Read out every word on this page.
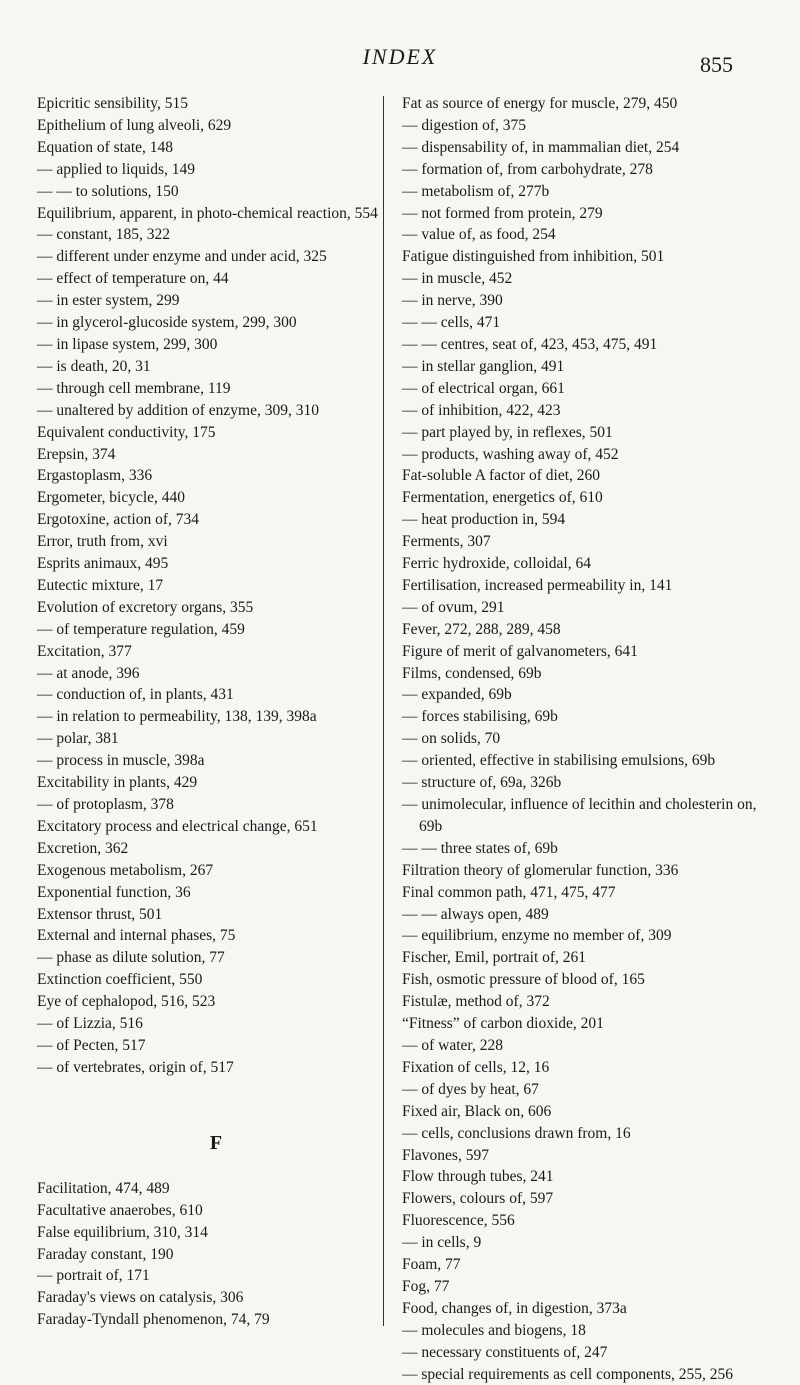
INDEX	855
Epicritic sensibility, 515
Epithelium of lung alveoli, 629
Equation of state, 148
— applied to liquids, 149
— — to solutions, 150
Equilibrium, apparent, in photo-chemical reaction, 554
— constant, 185, 322
— different under enzyme and under acid, 325
— effect of temperature on, 44
— in ester system, 299
— in glycerol-glucoside system, 299, 300
— in lipase system, 299, 300
— is death, 20, 31
— through cell membrane, 119
— unaltered by addition of enzyme, 309, 310
Equivalent conductivity, 175
Erepsin, 374
Ergastoplasm, 336
Ergometer, bicycle, 440
Ergotoxine, action of, 734
Error, truth from, xvi
Esprits animaux, 495
Eutectic mixture, 17
Evolution of excretory organs, 355
— of temperature regulation, 459
Excitation, 377
— at anode, 396
— conduction of, in plants, 431
— in relation to permeability, 138, 139, 398a
— polar, 381
— process in muscle, 398a
Excitability in plants, 429
— of protoplasm, 378
Excitatory process and electrical change, 651
Excretion, 362
Exogenous metabolism, 267
Exponential function, 36
Extensor thrust, 501
External and internal phases, 75
— phase as dilute solution, 77
Extinction coefficient, 550
Eye of cephalopod, 516, 523
— of Lizzia, 516
— of Pecten, 517
— of vertebrates, origin of, 517
F
Facilitation, 474, 489
Facultative anaerobes, 610
False equilibrium, 310, 314
Faraday constant, 190
— portrait of, 171
Faraday's views on catalysis, 306
Faraday-Tyndall phenomenon, 74, 79
Fat as source of energy for muscle, 279, 450
— digestion of, 375
— dispensability of, in mammalian diet, 254
— formation of, from carbohydrate, 278
— metabolism of, 277b
— not formed from protein, 279
— value of, as food, 254
Fatigue distinguished from inhibition, 501
— in muscle, 452
— in nerve, 390
— — cells, 471
— — centres, seat of, 423, 453, 475, 491
— in stellar ganglion, 491
— of electrical organ, 661
— of inhibition, 422, 423
— part played by, in reflexes, 501
— products, washing away of, 452
Fat-soluble A factor of diet, 260
Fermentation, energetics of, 610
— heat production in, 594
Ferments, 307
Ferric hydroxide, colloidal, 64
Fertilisation, increased permeability in, 141
— of ovum, 291
Fever, 272, 288, 289, 458
Figure of merit of galvanometers, 641
Films, condensed, 69b
— expanded, 69b
— forces stabilising, 69b
— on solids, 70
— oriented, effective in stabilising emulsions, 69b
— structure of, 69a, 326b
— unimolecular, influence of lecithin and cholesterin on, 69b
— — three states of, 69b
Filtration theory of glomerular function, 336
Final common path, 471, 475, 477
— — always open, 489
— equilibrium, enzyme no member of, 309
Fischer, Emil, portrait of, 261
Fish, osmotic pressure of blood of, 165
Fistulæ, method of, 372
“Fitness” of carbon dioxide, 201
— of water, 228
Fixation of cells, 12, 16
— of dyes by heat, 67
Fixed air, Black on, 606
— cells, conclusions drawn from, 16
Flavones, 597
Flow through tubes, 241
Flowers, colours of, 597
Fluorescence, 556
— in cells, 9
Foam, 77
Fog, 77
Food, changes of, in digestion, 373a
— molecules and biogens, 18
— necessary constituents of, 247
— special requirements as cell components, 255, 256
